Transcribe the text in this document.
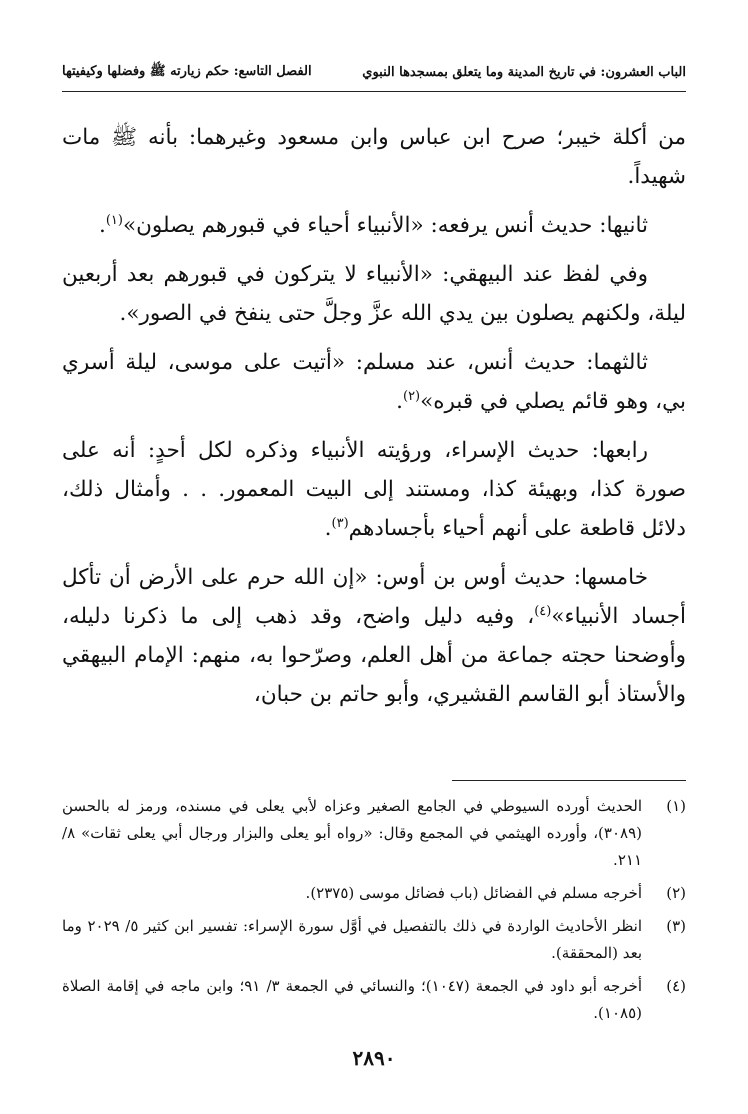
الباب العشرون: في تاريخ المدينة وما يتعلق بمسجدها النبوي
الفصل التاسع: حكم زيارته ﷺ وفضلها وكيفيتها

من أكلة خيبر؛ صرح ابن عباس وابن مسعود وغيرهما: بأنه ﷺ مات شهيداً.

ثانيها: حديث أنس يرفعه: «الأنبياء أحياء في قبورهم يصلون»$^{(١)}$.

وفي لفظ عند البيهقي: «الأنبياء لا يتركون في قبورهم بعد أربعين ليلة، ولكنهم يصلون بين يدي الله عزَّ وجلَّ حتى ينفخ في الصور».

ثالثهما: حديث أنس، عند مسلم: «أتيت على موسى، ليلة أسري بي، وهو قائم يصلي في قبره»$^{(٢)}$.

رابعها: حديث الإسراء، ورؤيته الأنبياء وذكره لكل أحدٍ: أنه على صورة كذا، وبهيئة كذا، ومستند إلى البيت المعمور. . . وأمثال ذلك، دلائل قاطعة على أنهم أحياء بأجسادهم$^{(٣)}$.

خامسها: حديث أوس بن أوس: «إن الله حرم على الأرض أن تأكل أجساد الأنبياء»$^{(٤)}$، وفيه دليل واضح، وقد ذهب إلى ما ذكرنا دليله، وأوضحنا حجته جماعة من أهل العلم، وصرّحوا به، منهم: الإمام البيهقي والأستاذ أبو القاسم القشيري، وأبو حاتم بن حبان،

(١)
الحديث أورده السيوطي في الجامع الصغير وعزاه لأبي يعلى في مسنده، ورمز له بالحسن (٣٠٨٩)، وأورده الهيثمي في المجمع وقال: «رواه أبو يعلى والبزار ورجال أبي يعلى ثقات» ٨/ ٢١١.
(٢)
أخرجه مسلم في الفضائل (باب فضائل موسى (٢٣٧٥).
(٣)
انظر الأحاديث الواردة في ذلك بالتفصيل في أوَّل سورة الإسراء: تفسير ابن كثير ٥/ ٢٠٢٩ وما بعد (المحققة).
(٤)
أخرجه أبو داود في الجمعة (١٠٤٧)؛ والنسائي في الجمعة ٣/ ٩١؛ وابن ماجه في إقامة الصلاة (١٠٨٥).
٢٨٩٠
